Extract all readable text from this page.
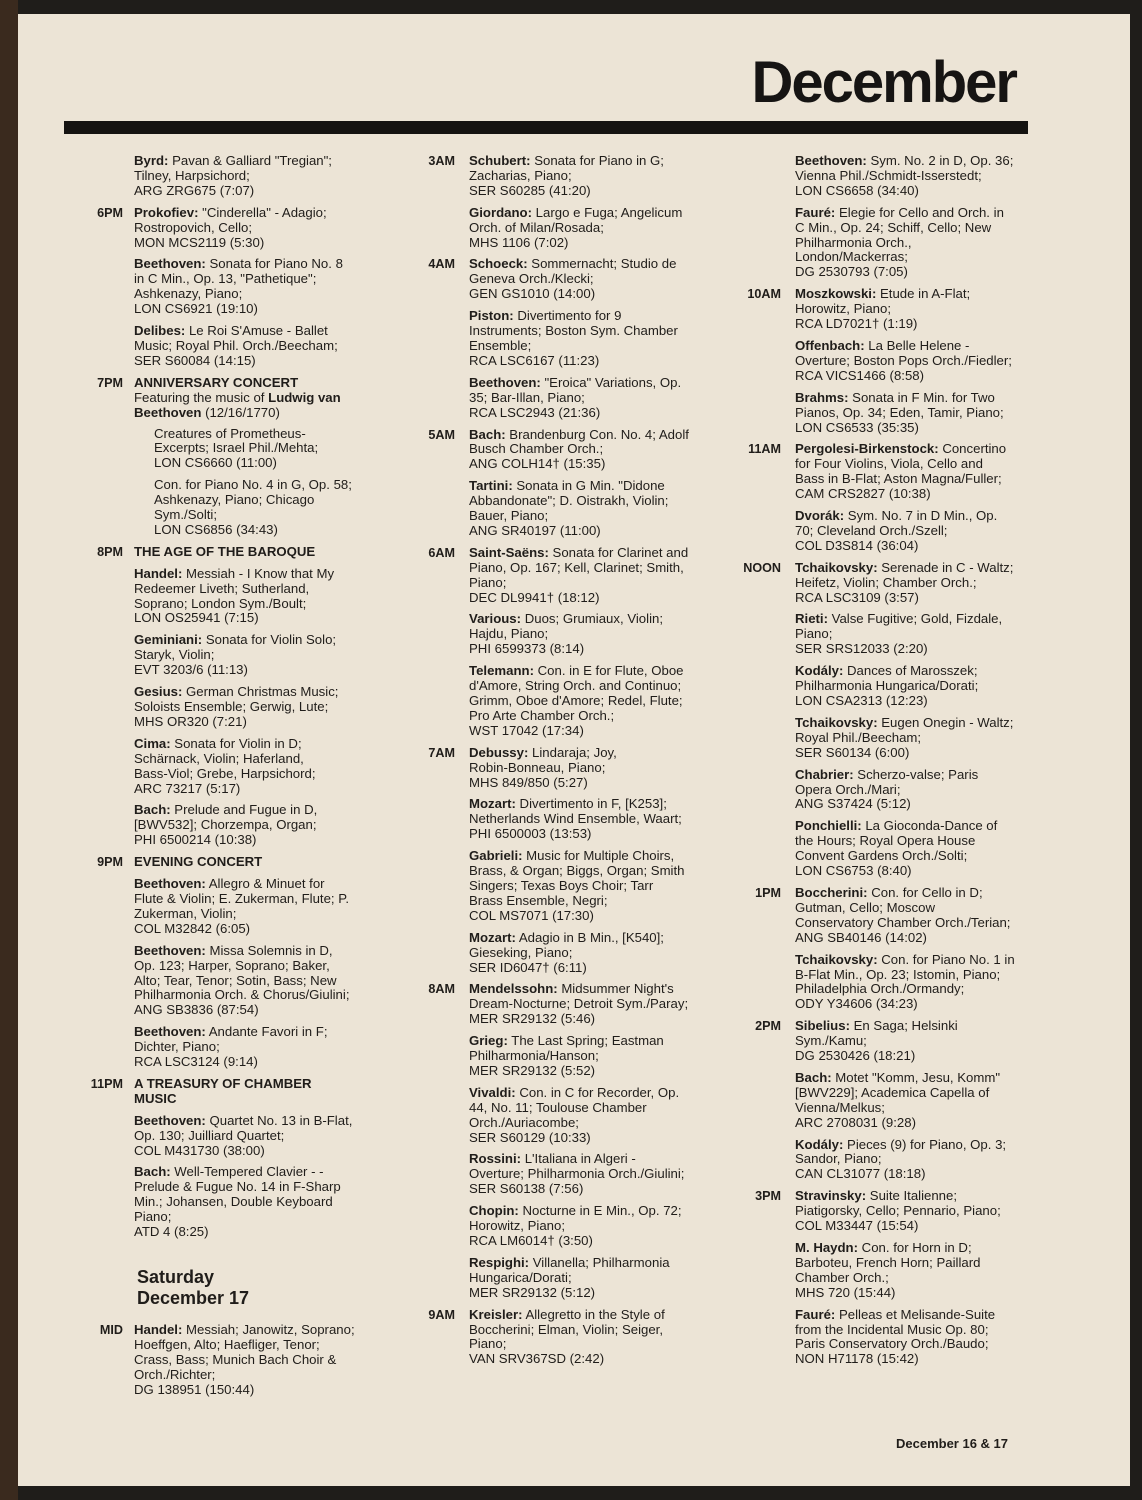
December
Byrd: Pavan & Galliard "Tregian";
Tilney, Harpsichord;
ARG ZRG675 (7:07)
6PM Prokofiev: "Cinderella" - Adagio;
Rostropovich, Cello;
MON MCS2119 (5:30)
Beethoven: Sonata for Piano No. 8
in C Min., Op. 13, "Pathetique";
Ashkenazy, Piano;
LON CS6921 (19:10)
Delibes: Le Roi S'Amuse - Ballet
Music; Royal Phil. Orch./Beecham;
SER S60084 (14:15)
7PM ANNIVERSARY CONCERT
Featuring the music of Ludwig van
Beethoven (12/16/1770)
Creatures of Prometheus-
Excerpts; Israel Phil./Mehta;
LON CS6660 (11:00)
Con. for Piano No. 4 in G, Op. 58;
Ashkenazy, Piano; Chicago
Sym./Solti;
LON CS6856 (34:43)
8PM THE AGE OF THE BAROQUE
Handel: Messiah - I Know that My
Redeemer Liveth; Sutherland,
Soprano; London Sym./Boult;
LON OS25941 (7:15)
Geminiani: Sonata for Violin Solo;
Staryk, Violin;
EVT 3203/6 (11:13)
Gesius: German Christmas Music;
Soloists Ensemble; Gerwig, Lute;
MHS OR320 (7:21)
Cima: Sonata for Violin in D;
Schärnack, Violin; Haferland,
Bass-Viol; Grebe, Harpsichord;
ARC 73217 (5:17)
Bach: Prelude and Fugue in D,
[BWV532]; Chorzempa, Organ;
PHI 6500214 (10:38)
9PM EVENING CONCERT
Beethoven: Allegro & Minuet for
Flute & Violin; E. Zukerman, Flute; P.
Zukerman, Violin;
COL M32842 (6:05)
Beethoven: Missa Solemnis in D,
Op. 123; Harper, Soprano; Baker,
Alto; Tear, Tenor; Sotin, Bass; New
Philharmonia Orch. & Chorus/Giulini;
ANG SB3836 (87:54)
Beethoven: Andante Favori in F;
Dichter, Piano;
RCA LSC3124 (9:14)
11PM A TREASURY OF CHAMBER
MUSIC
Beethoven: Quartet No. 13 in B-Flat,
Op. 130; Juilliard Quartet;
COL M431730 (38:00)
Bach: Well-Tempered Clavier - -
Prelude & Fugue No. 14 in F-Sharp
Min.; Johansen, Double Keyboard
Piano;
ATD 4 (8:25)
Saturday
December 17
MID Handel: Messiah; Janowitz, Soprano;
Hoeffgen, Alto; Haefliger, Tenor;
Crass, Bass; Munich Bach Choir &
Orch./Richter;
DG 138951 (150:44)
3AM Schubert: Sonata for Piano in G;
Zacharias, Piano;
SER S60285 (41:20)
Giordano: Largo e Fuga; Angelicum
Orch. of Milan/Rosada;
MHS 1106 (7:02)
4AM Schoeck: Sommernacht; Studio de
Geneva Orch./Klecki;
GEN GS1010 (14:00)
Piston: Divertimento for 9
Instruments; Boston Sym. Chamber
Ensemble;
RCA LSC6167 (11:23)
Beethoven: "Eroica" Variations, Op.
35; Bar-Illan, Piano;
RCA LSC2943 (21:36)
5AM Bach: Brandenburg Con. No. 4; Adolf
Busch Chamber Orch.;
ANG COLH14† (15:35)
Tartini: Sonata in G Min. "Didone
Abbandonate"; D. Oistrakh, Violin;
Bauer, Piano;
ANG SR40197 (11:00)
6AM Saint-Saëns: Sonata for Clarinet and
Piano, Op. 167; Kell, Clarinet; Smith,
Piano;
DEC DL9941† (18:12)
Various: Duos; Grumiaux, Violin;
Hajdu, Piano;
PHI 6599373 (8:14)
Telemann: Con. in E for Flute, Oboe
d'Amore, String Orch. and Continuo;
Grimm, Oboe d'Amore; Redel, Flute;
Pro Arte Chamber Orch.;
WST 17042 (17:34)
7AM Debussy: Lindaraja; Joy,
Robin-Bonneau, Piano;
MHS 849/850 (5:27)
Mozart: Divertimento in F, [K253];
Netherlands Wind Ensemble, Waart;
PHI 6500003 (13:53)
Gabrieli: Music for Multiple Choirs,
Brass, & Organ; Biggs, Organ; Smith
Singers; Texas Boys Choir; Tarr
Brass Ensemble, Negri;
COL MS7071 (17:30)
Mozart: Adagio in B Min., [K540];
Gieseking, Piano;
SER ID6047† (6:11)
8AM Mendelssohn: Midsummer Night's
Dream-Nocturne; Detroit Sym./Paray;
MER SR29132 (5:46)
Grieg: The Last Spring; Eastman
Philharmonia/Hanson;
MER SR29132 (5:52)
Vivaldi: Con. in C for Recorder, Op.
44, No. 11; Toulouse Chamber
Orch./Auriacombe;
SER S60129 (10:33)
Rossini: L'Italiana in Algeri -
Overture; Philharmonia Orch./Giulini;
SER S60138 (7:56)
Chopin: Nocturne in E Min., Op. 72;
Horowitz, Piano;
RCA LM6014† (3:50)
Respighi: Villanella; Philharmonia
Hungarica/Dorati;
MER SR29132 (5:12)
9AM Kreisler: Allegretto in the Style of
Boccherini; Elman, Violin; Seiger,
Piano;
VAN SRV367SD (2:42)
Beethoven: Sym. No. 2 in D, Op. 36;
Vienna Phil./Schmidt-Isserstedt;
LON CS6658 (34:40)
Fauré: Elegie for Cello and Orch. in
C Min., Op. 24; Schiff, Cello; New
Philharmonia Orch.,
London/Mackerras;
DG 2530793 (7:05)
10AM Moszkowski: Etude in A-Flat;
Horowitz, Piano;
RCA LD7021† (1:19)
Offenbach: La Belle Helene -
Overture; Boston Pops Orch./Fiedler;
RCA VICS1466 (8:58)
Brahms: Sonata in F Min. for Two
Pianos, Op. 34; Eden, Tamir, Piano;
LON CS6533 (35:35)
11AM Pergolesi-Birkenstock: Concertino
for Four Violins, Viola, Cello and
Bass in B-Flat; Aston Magna/Fuller;
CAM CRS2827 (10:38)
Dvorák: Sym. No. 7 in D Min., Op.
70; Cleveland Orch./Szell;
COL D3S814 (36:04)
NOON Tchaikovsky: Serenade in C - Waltz;
Heifetz, Violin; Chamber Orch.;
RCA LSC3109 (3:57)
Rieti: Valse Fugitive; Gold, Fizdale,
Piano;
SER SRS12033 (2:20)
Kodály: Dances of Marosszek;
Philharmonia Hungarica/Dorati;
LON CSA2313 (12:23)
Tchaikovsky: Eugen Onegin - Waltz;
Royal Phil./Beecham;
SER S60134 (6:00)
Chabrier: Scherzo-valse; Paris
Opera Orch./Mari;
ANG S37424 (5:12)
Ponchielli: La Gioconda-Dance of
the Hours; Royal Opera House
Convent Gardens Orch./Solti;
LON CS6753 (8:40)
1PM Boccherini: Con. for Cello in D;
Gutman, Cello; Moscow
Conservatory Chamber Orch./Terian;
ANG SB40146 (14:02)
Tchaikovsky: Con. for Piano No. 1 in
B-Flat Min., Op. 23; Istomin, Piano;
Philadelphia Orch./Ormandy;
ODY Y34606 (34:23)
2PM Sibelius: En Saga; Helsinki
Sym./Kamu;
DG 2530426 (18:21)
Bach: Motet "Komm, Jesu, Komm"
[BWV229]; Academica Capella of
Vienna/Melkus;
ARC 2708031 (9:28)
Kodály: Pieces (9) for Piano, Op. 3;
Sandor, Piano;
CAN CL31077 (18:18)
3PM Stravinsky: Suite Italienne;
Piatigorsky, Cello; Pennario, Piano;
COL M33447 (15:54)
M. Haydn: Con. for Horn in D;
Barboteu, French Horn; Paillard
Chamber Orch.;
MHS 720 (15:44)
Fauré: Pelleas et Melisande-Suite
from the Incidental Music Op. 80;
Paris Conservatory Orch./Baudo;
NON H71178 (15:42)
December 16 & 17
